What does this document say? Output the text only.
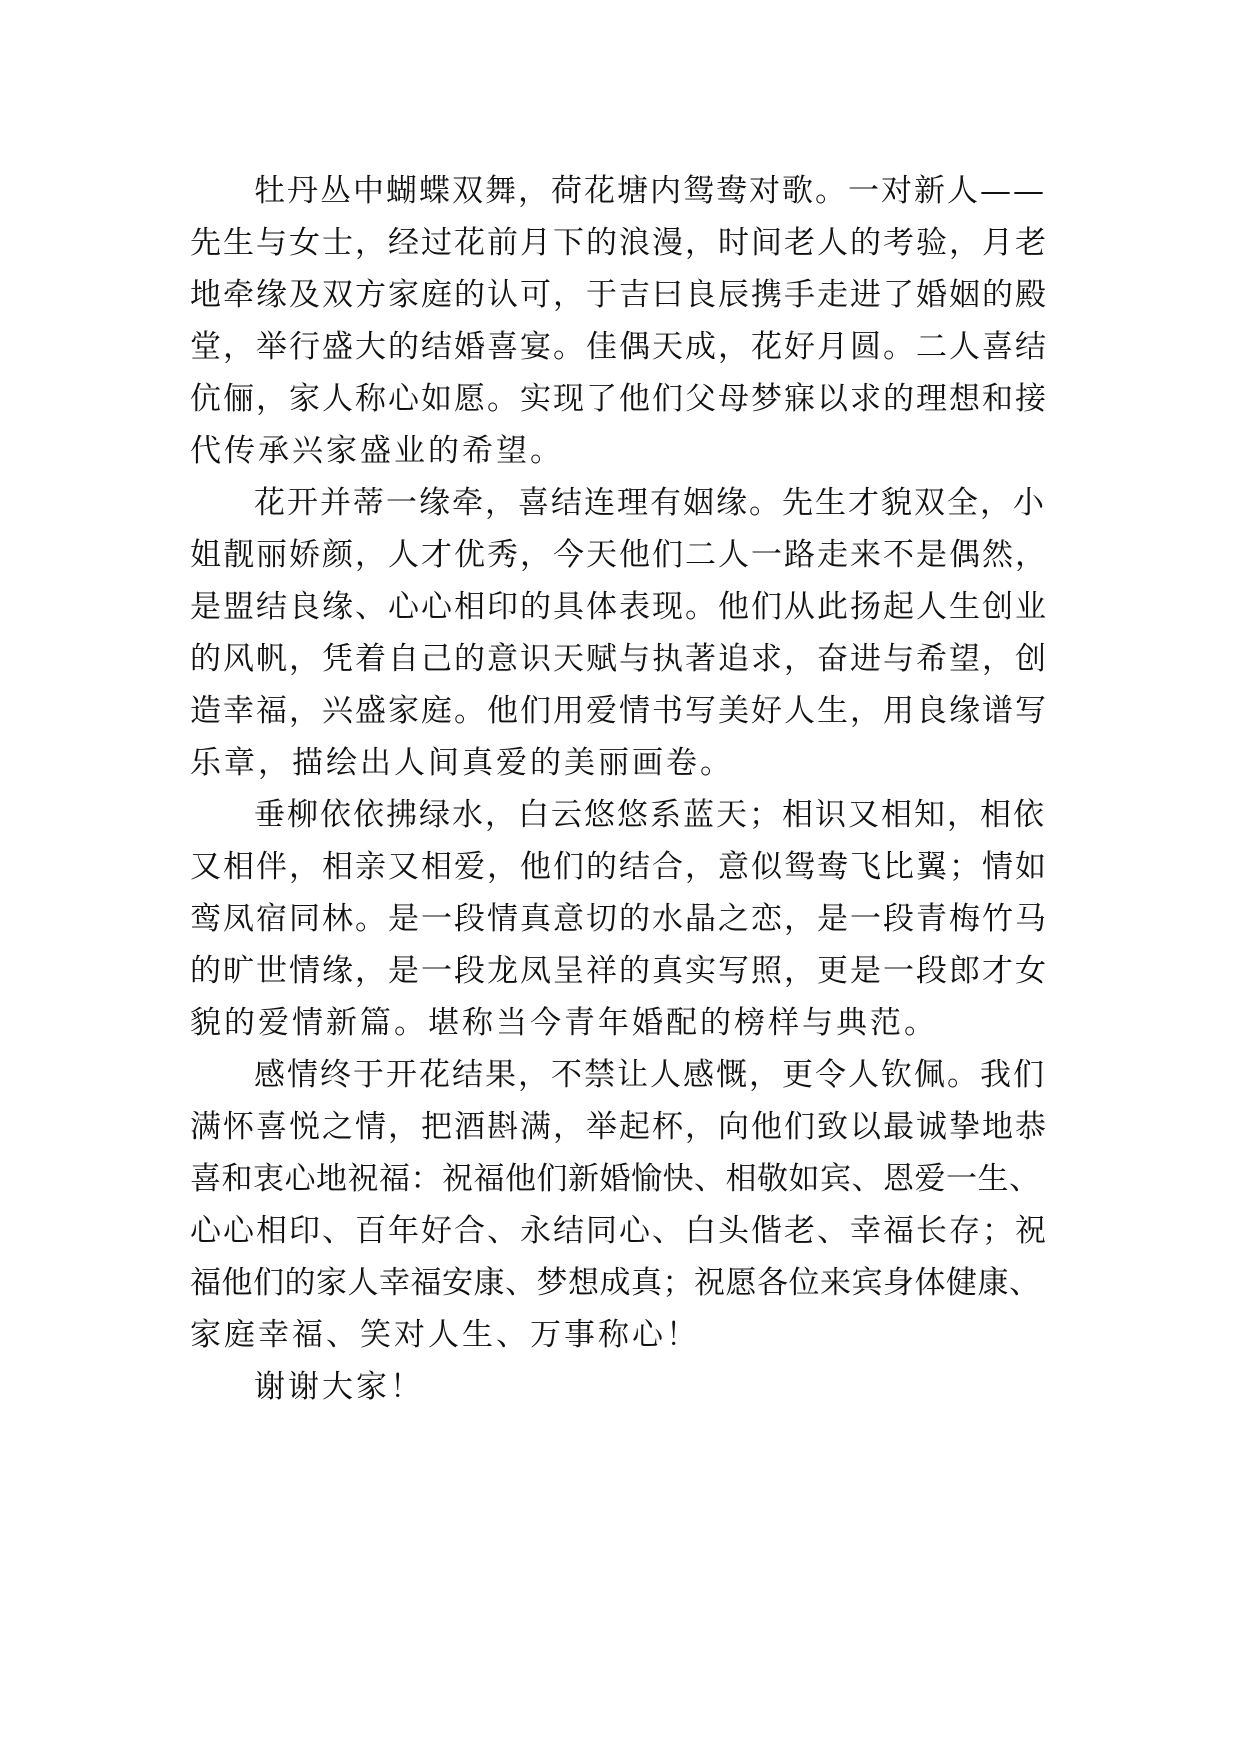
牡丹丛中蝴蝶双舞，荷花塘内鸳鸯对歌。一对新人——
先生与女士，经过花前月下的浪漫，时间老人的考验，月老
地牵缘及双方家庭的认可，于吉曰良辰携手走进了婚姻的殿
堂，举行盛大的结婚喜宴。佳偶天成，花好月圆。二人喜结
伉俪，家人称心如愿。实现了他们父母梦寐以求的理想和接
代传承兴家盛业的希望。
花开并蒂一缘牵，喜结连理有姻缘。先生才貌双全，小
姐靓丽娇颜，人才优秀，今天他们二人一路走来不是偶然，
是盟结良缘、心心相印的具体表现。他们从此扬起人生创业
的风帆，凭着自己的意识天赋与执著追求，奋进与希望，创
造幸福，兴盛家庭。他们用爱情书写美好人生，用良缘谱写
乐章，描绘出人间真爱的美丽画卷。
垂柳依依拂绿水，白云悠悠系蓝天；相识又相知，相依
又相伴，相亲又相爱，他们的结合，意似鸳鸯飞比翼；情如
鸾凤宿同林。是一段情真意切的水晶之恋，是一段青梅竹马
的旷世情缘，是一段龙凤呈祥的真实写照，更是一段郎才女
貌的爱情新篇。堪称当今青年婚配的榜样与典范。
感情终于开花结果，不禁让人感慨，更令人钦佩。我们
满怀喜悦之情，把酒斟满，举起杯，向他们致以最诚挚地恭
喜和衷心地祝福：祝福他们新婚愉快、相敬如宾、恩爱一生、
心心相印、百年好合、永结同心、白头偕老、幸福长存；祝
福他们的家人幸福安康、梦想成真；祝愿各位来宾身体健康、
家庭幸福、笑对人生、万事称心！
谢谢大家！
